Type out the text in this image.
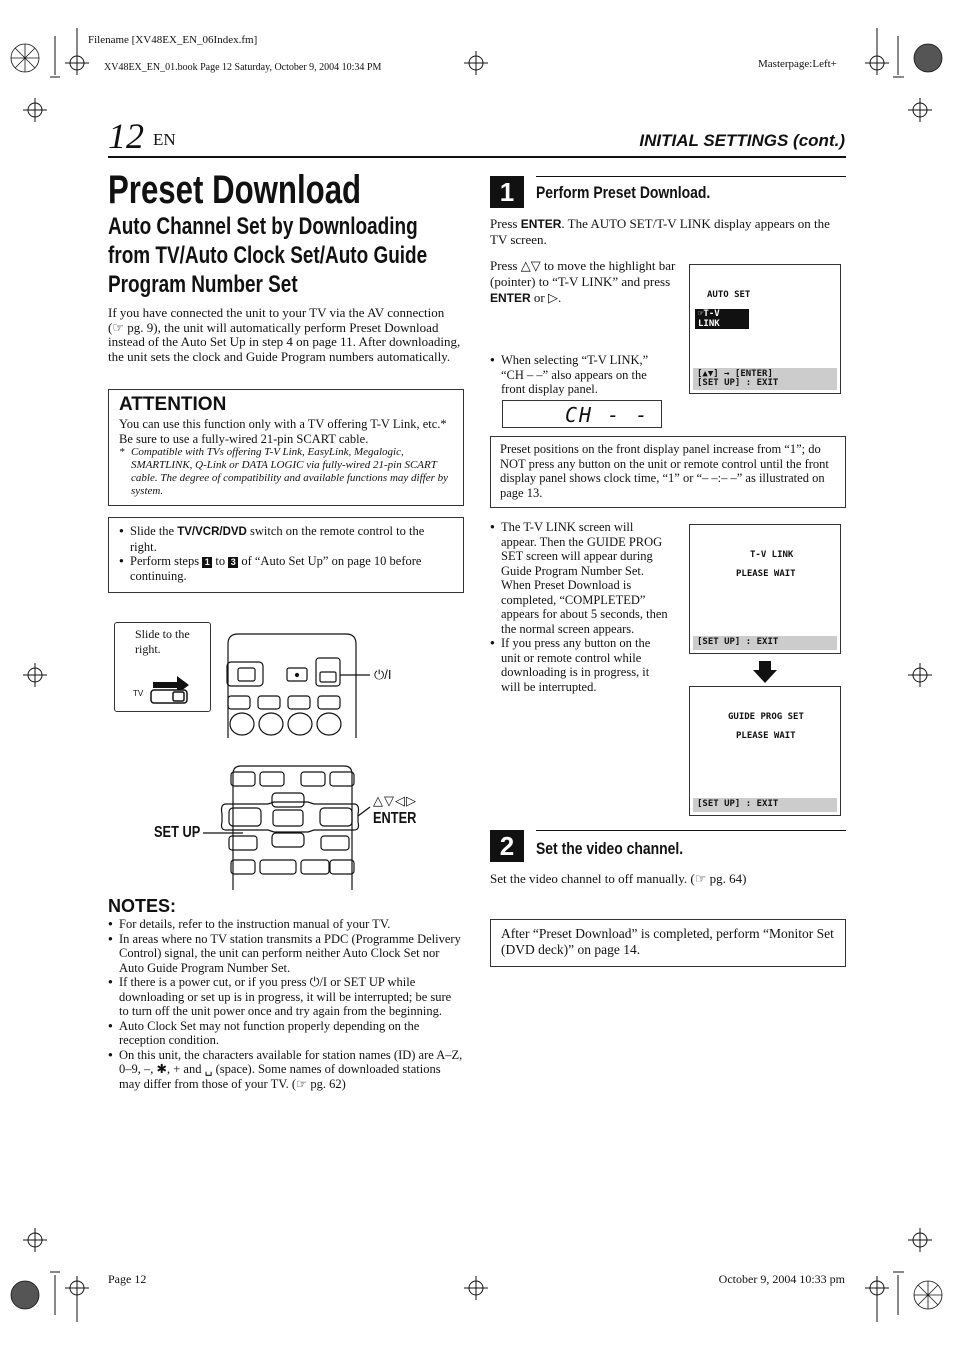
Filename [XV48EX_EN_06Index.fm]
XV48EX_EN_01.book Page 12 Saturday, October 9, 2004 10:34 PM	Masterpage:Left+
12 EN	INITIAL SETTINGS (cont.)
Preset Download
Auto Channel Set by Downloading from TV/Auto Clock Set/Auto Guide Program Number Set
If you have connected the unit to your TV via the AV connection (☞ pg. 9), the unit will automatically perform Preset Download instead of the Auto Set Up in step 4 on page 11. After downloading, the unit sets the clock and Guide Program numbers automatically.
ATTENTION
You can use this function only with a TV offering T-V Link, etc.* Be sure to use a fully-wired 21-pin SCART cable.
* Compatible with TVs offering T-V Link, EasyLink, Megalogic, SMARTLINK, Q-Link or DATA LOGIC via fully-wired 21-pin SCART cable. The degree of compatibility and available functions may differ by system.
● Slide the TV/VCR/DVD switch on the remote control to the right.
● Perform steps 1 to 3 of “Auto Set Up” on page 10 before continuing.
Slide to the right.
TV
⏻/I
△▽◁▷
ENTER
SET UP
NOTES:
● For details, refer to the instruction manual of your TV.
● In areas where no TV station transmits a PDC (Programme Delivery Control) signal, the unit can perform neither Auto Clock Set nor Auto Guide Program Number Set.
● If there is a power cut, or if you press ⏻/I or SET UP while downloading or set up is in progress, it will be interrupted; be sure to turn off the unit power once and try again from the beginning.
● Auto Clock Set may not function properly depending on the reception condition.
● On this unit, the characters available for station names (ID) are A–Z, 0–9, –, ✱, + and ␣ (space). Some names of downloaded stations may differ from those of your TV. (☞ pg. 62)
1	Perform Preset Download.
Press ENTER. The AUTO SET/T-V LINK display appears on the TV screen.
Press △▽ to move the highlight bar (pointer) to “T-V LINK” and press ENTER or ▷.	AUTO SET
☞T-V LINK
[▲▼] → [ENTER]
[SET UP] : EXIT
● When selecting “T-V LINK,” “CH – –” also appears on the front display panel.
CH - -
Preset positions on the front display panel increase from “1”; do NOT press any button on the unit or remote control until the front display panel shows clock time, “1” or “– –:– –” as illustrated on page 13.
● The T-V LINK screen will appear. Then the GUIDE PROG SET screen will appear during Guide Program Number Set. When Preset Download is completed, “COMPLETED” appears for about 5 seconds, then the normal screen appears.
● If you press any button on the unit or remote control while downloading is in progress, it will be interrupted.
T-V LINK
PLEASE WAIT
[SET UP] : EXIT
GUIDE PROG SET
PLEASE WAIT
[SET UP] : EXIT
2	Set the video channel.
Set the video channel to off manually. (☞ pg. 64)
After “Preset Download” is completed, perform “Monitor Set (DVD deck)” on page 14.
Page 12	October 9, 2004 10:33 pm
